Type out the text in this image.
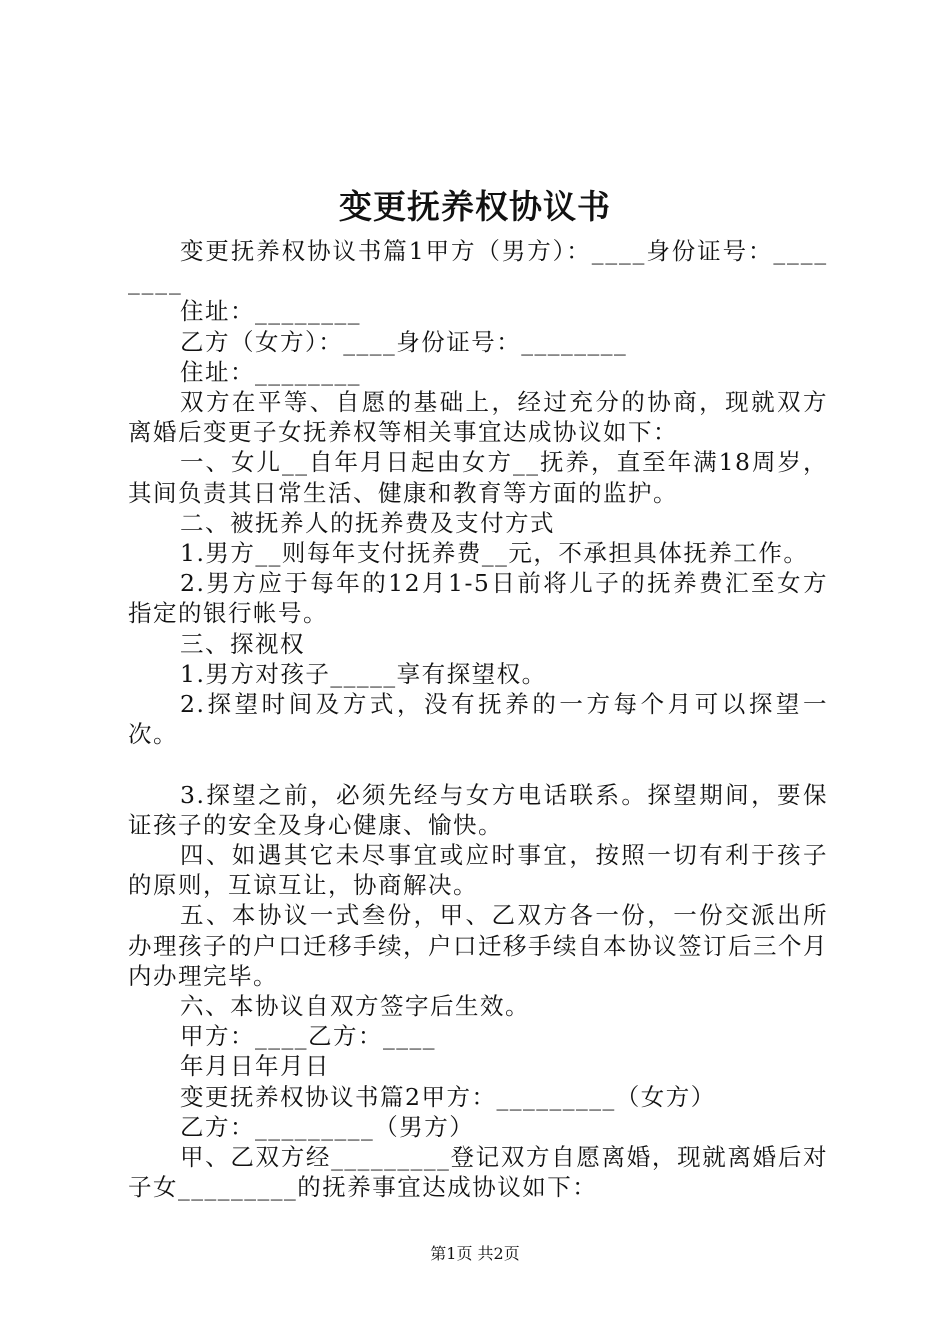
变更抚养权协议书

变更抚养权协议书篇1甲方（男方）：____身份证号：________

住址：________

乙方（女方）：____身份证号：________

住址：________

双方在平等、自愿的基础上，经过充分的协商，现就双方离婚后变更子女抚养权等相关事宜达成协议如下：

一、女儿__自年月日起由女方__抚养，直至年满18周岁，其间负责其日常生活、健康和教育等方面的监护。

二、被抚养人的抚养费及支付方式

1.男方__则每年支付抚养费__元，不承担具体抚养工作。

2.男方应于每年的12月1-5日前将儿子的抚养费汇至女方指定的银行帐号。

三、探视权

1.男方对孩子_____享有探望权。

2.探望时间及方式，没有抚养的一方每个月可以探望一次。

3.探望之前，必须先经与女方电话联系。探望期间，要保证孩子的安全及身心健康、愉快。

四、如遇其它未尽事宜或应时事宜，按照一切有利于孩子的原则，互谅互让，协商解决。

五、本协议一式叁份，甲、乙双方各一份，一份交派出所办理孩子的户口迁移手续，户口迁移手续自本协议签订后三个月内办理完毕。

六、本协议自双方签字后生效。

甲方：____乙方：____

年月日年月日

变更抚养权协议书篇2甲方：_________（女方）

乙方：_________（男方）

甲、乙双方经_________登记双方自愿离婚，现就离婚后对子女_________的抚养事宜达成协议如下：

第1页 共2页
